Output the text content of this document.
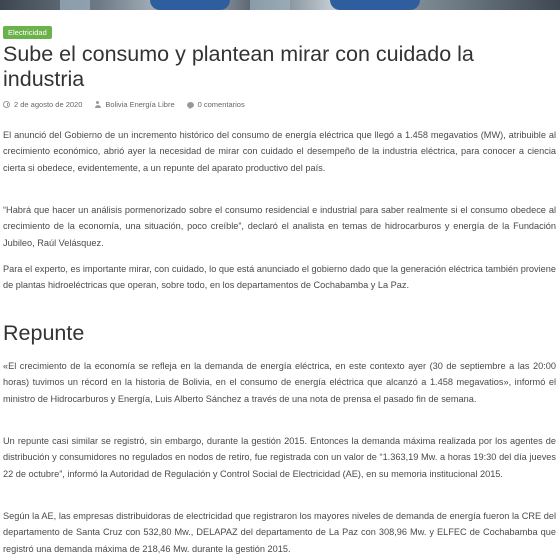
Electricidad
Sube el consumo y plantean mirar con cuidado la industria
2 de agosto de 2020	Bolivia Energía Libre	0 comentarios

El anunció del Gobierno de un incremento histórico del consumo de energía eléctrica que llegó a 1.458 megavatios (MW), atribuible al crecimiento económico, abrió ayer la necesidad de mirar con cuidado el desempeño de la industria eléctrica, para conocer a ciencia cierta si obedece, evidentemente, a un repunte del aparato productivo del país.

“Habrá que hacer un análisis pormenorizado sobre el consumo residencial e industrial para saber realmente si el consumo obedece al crecimiento de la economía, una situación, poco creíble”, declaró el analista en temas de hidrocarburos y energía de la Fundación Jubileo, Raúl Velásquez.

Para el experto, es importante mirar, con cuidado, lo que está anunciado el gobierno dado que la generación eléctrica también proviene de plantas hidroeléctricas que operan, sobre todo, en los departamentos de Cochabamba y La Paz.

Repunte

«El crecimiento de la economía se refleja en la demanda de energía eléctrica, en este contexto ayer (30 de septiembre a las 20:00 horas) tuvimos un récord en la historia de Bolivia, en el consumo de energía eléctrica que alcanzó a 1.458 megavatios», informó el ministro de Hidrocarburos y Energía, Luis Alberto Sánchez a través de una nota de prensa el pasado fin de semana.

Un repunte casi similar se registró, sin embargo, durante la gestión 2015. Entonces la demanda máxima realizada por los agentes de distribución y consumidores no regulados en nodos de retiro, fue registrada con un valor de “1.363,19 Mw. a horas 19:30 del día jueves 22 de octubre”, informó la Autoridad de Regulación y Control Social de Electricidad (AE), en su memoria institucional 2015.

Según la AE, las empresas distribuidoras de electricidad que registraron los mayores niveles de demanda de energía fueron la CRE del departamento de Santa Cruz con 532,80 Mw., DELAPAZ del departamento de La Paz con 308,96 Mw. y ELFEC de Cochabamba que registró una demanda máxima de 218,46 Mw. durante la gestión 2015.
